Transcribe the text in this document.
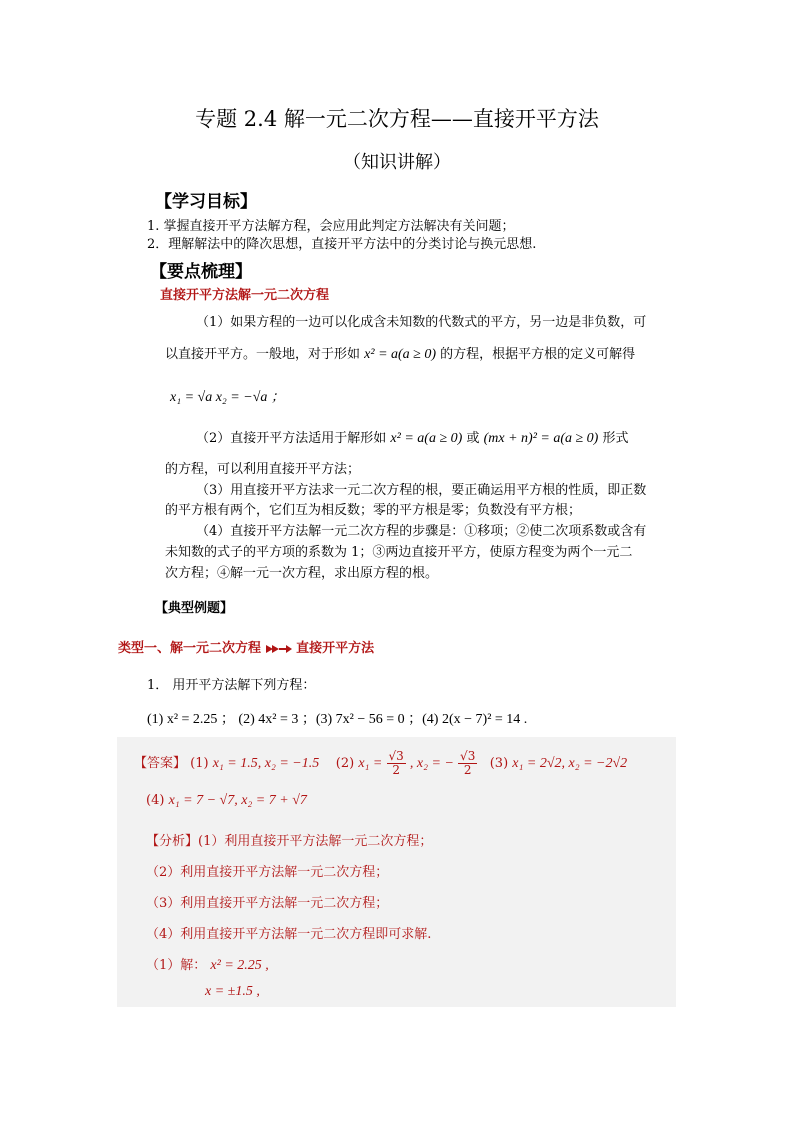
专题 2.4 解一元二次方程——直接开平方法
（知识讲解）
【学习目标】
1. 掌握直接开平方法解方程，会应用此判定方法解决有关问题；
2．理解解法中的降次思想，直接开平方法中的分类讨论与换元思想.
【要点梳理】
直接开平方法解一元二次方程
（1）如果方程的一边可以化成含未知数的代数式的平方，另一边是非负数，可
以直接开平方。一般地，对于形如 x² = a(a ≥ 0) 的方程，根据平方根的定义可解得
x₁ = √a x₂ = −√a ；
（2）直接开平方法适用于解形如 x² = a(a ≥ 0) 或 (mx + n)² = a(a ≥ 0) 形式
的方程，可以利用直接开平方法；
（3）用直接开平方法求一元二次方程的根，要正确运用平方根的性质，即正数
的平方根有两个，它们互为相反数；零的平方根是零；负数没有平方根；
（4）直接开平方法解一元二次方程的步骤是：①移项；②使二次项系数或含有
未知数的式子的平方项的系数为 1；③两边直接开平方，使原方程变为两个一元二
次方程；④解一元一次方程，求出原方程的根。
【典型例题】
类型一、解一元二次方程	直接开平方法
1． 用开平方法解下列方程：
(1) x² = 2.25 ； (2) 4x² = 3 ；(3) 7x² − 56 = 0 ；(4) 2(x − 7)² = 14 .
【答案】 (1) x₁ = 1.5, x₂ = −1.5 (2) $x_1 = \frac{√3}{2}$ , x₂ = − $\frac{√3}{2} (3) x_1 = 2√2$, x₂ = −2√2
(4) x₁ = 7 − √7, x₂ = 7 + √7
【分析】(1）利用直接开平方法解一元二次方程；
（2）利用直接开平方法解一元二次方程；
（3）利用直接开平方法解一元二次方程；
（4）利用直接开平方法解一元二次方程即可求解.
（1）解： x² = 2.25 ,
x = ±1.5 ,
